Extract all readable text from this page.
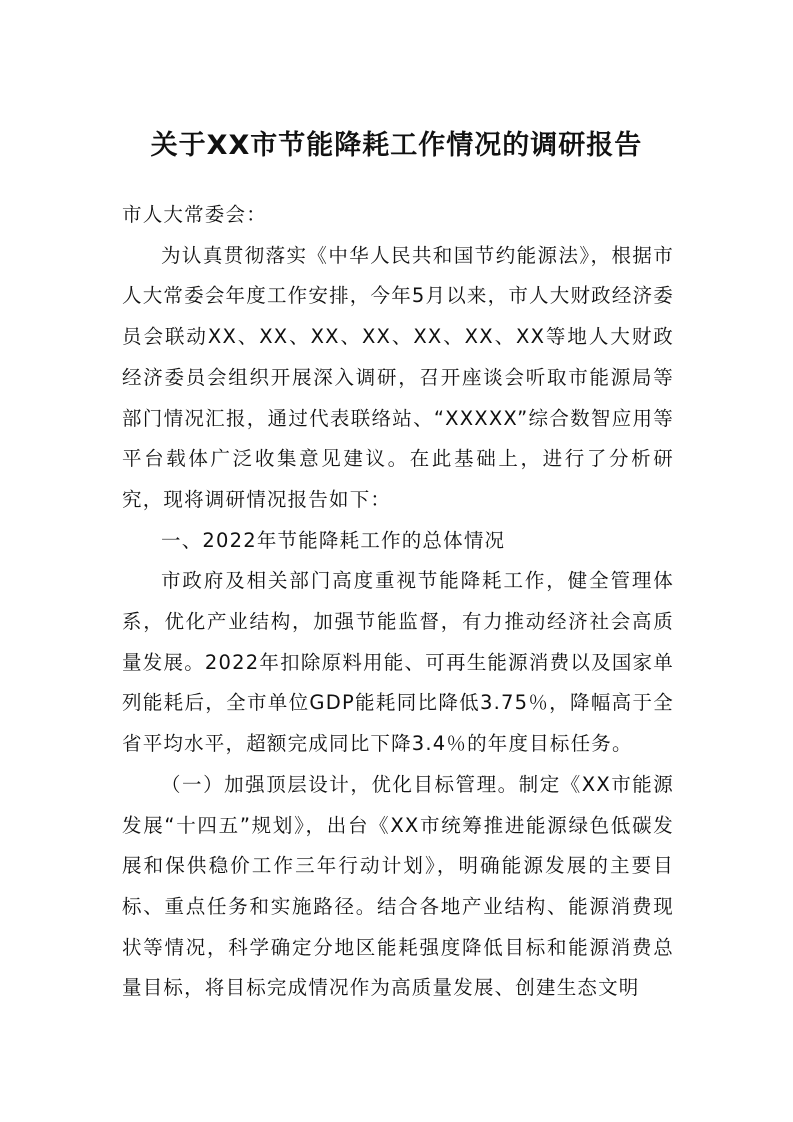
关于XX市节能降耗工作情况的调研报告

市人大常委会：

为认真贯彻落实《中华人民共和国节约能源法》，根据市人大常委会年度工作安排，今年5月以来，市人大财政经济委员会联动XX、XX、XX、XX、XX、XX、XX等地人大财政经济委员会组织开展深入调研，召开座谈会听取市能源局等部门情况汇报，通过代表联络站、“XXXXX”综合数智应用等平台载体广泛收集意见建议。在此基础上，进行了分析研究，现将调研情况报告如下：

一、2022年节能降耗工作的总体情况

市政府及相关部门高度重视节能降耗工作，健全管理体系，优化产业结构，加强节能监督，有力推动经济社会高质量发展。2022年扣除原料用能、可再生能源消费以及国家单列能耗后，全市单位GDP能耗同比降低3.75％，降幅高于全省平均水平，超额完成同比下降3.4％的年度目标任务。

（一）加强顶层设计，优化目标管理。制定《XX市能源发展“十四五”规划》，出台《XX市统筹推进能源绿色低碳发展和保供稳价工作三年行动计划》，明确能源发展的主要目标、重点任务和实施路径。结合各地产业结构、能源消费现状等情况，科学确定分地区能耗强度降低目标和能源消费总量目标，将目标完成情况作为高质量发展、创建生态文明
